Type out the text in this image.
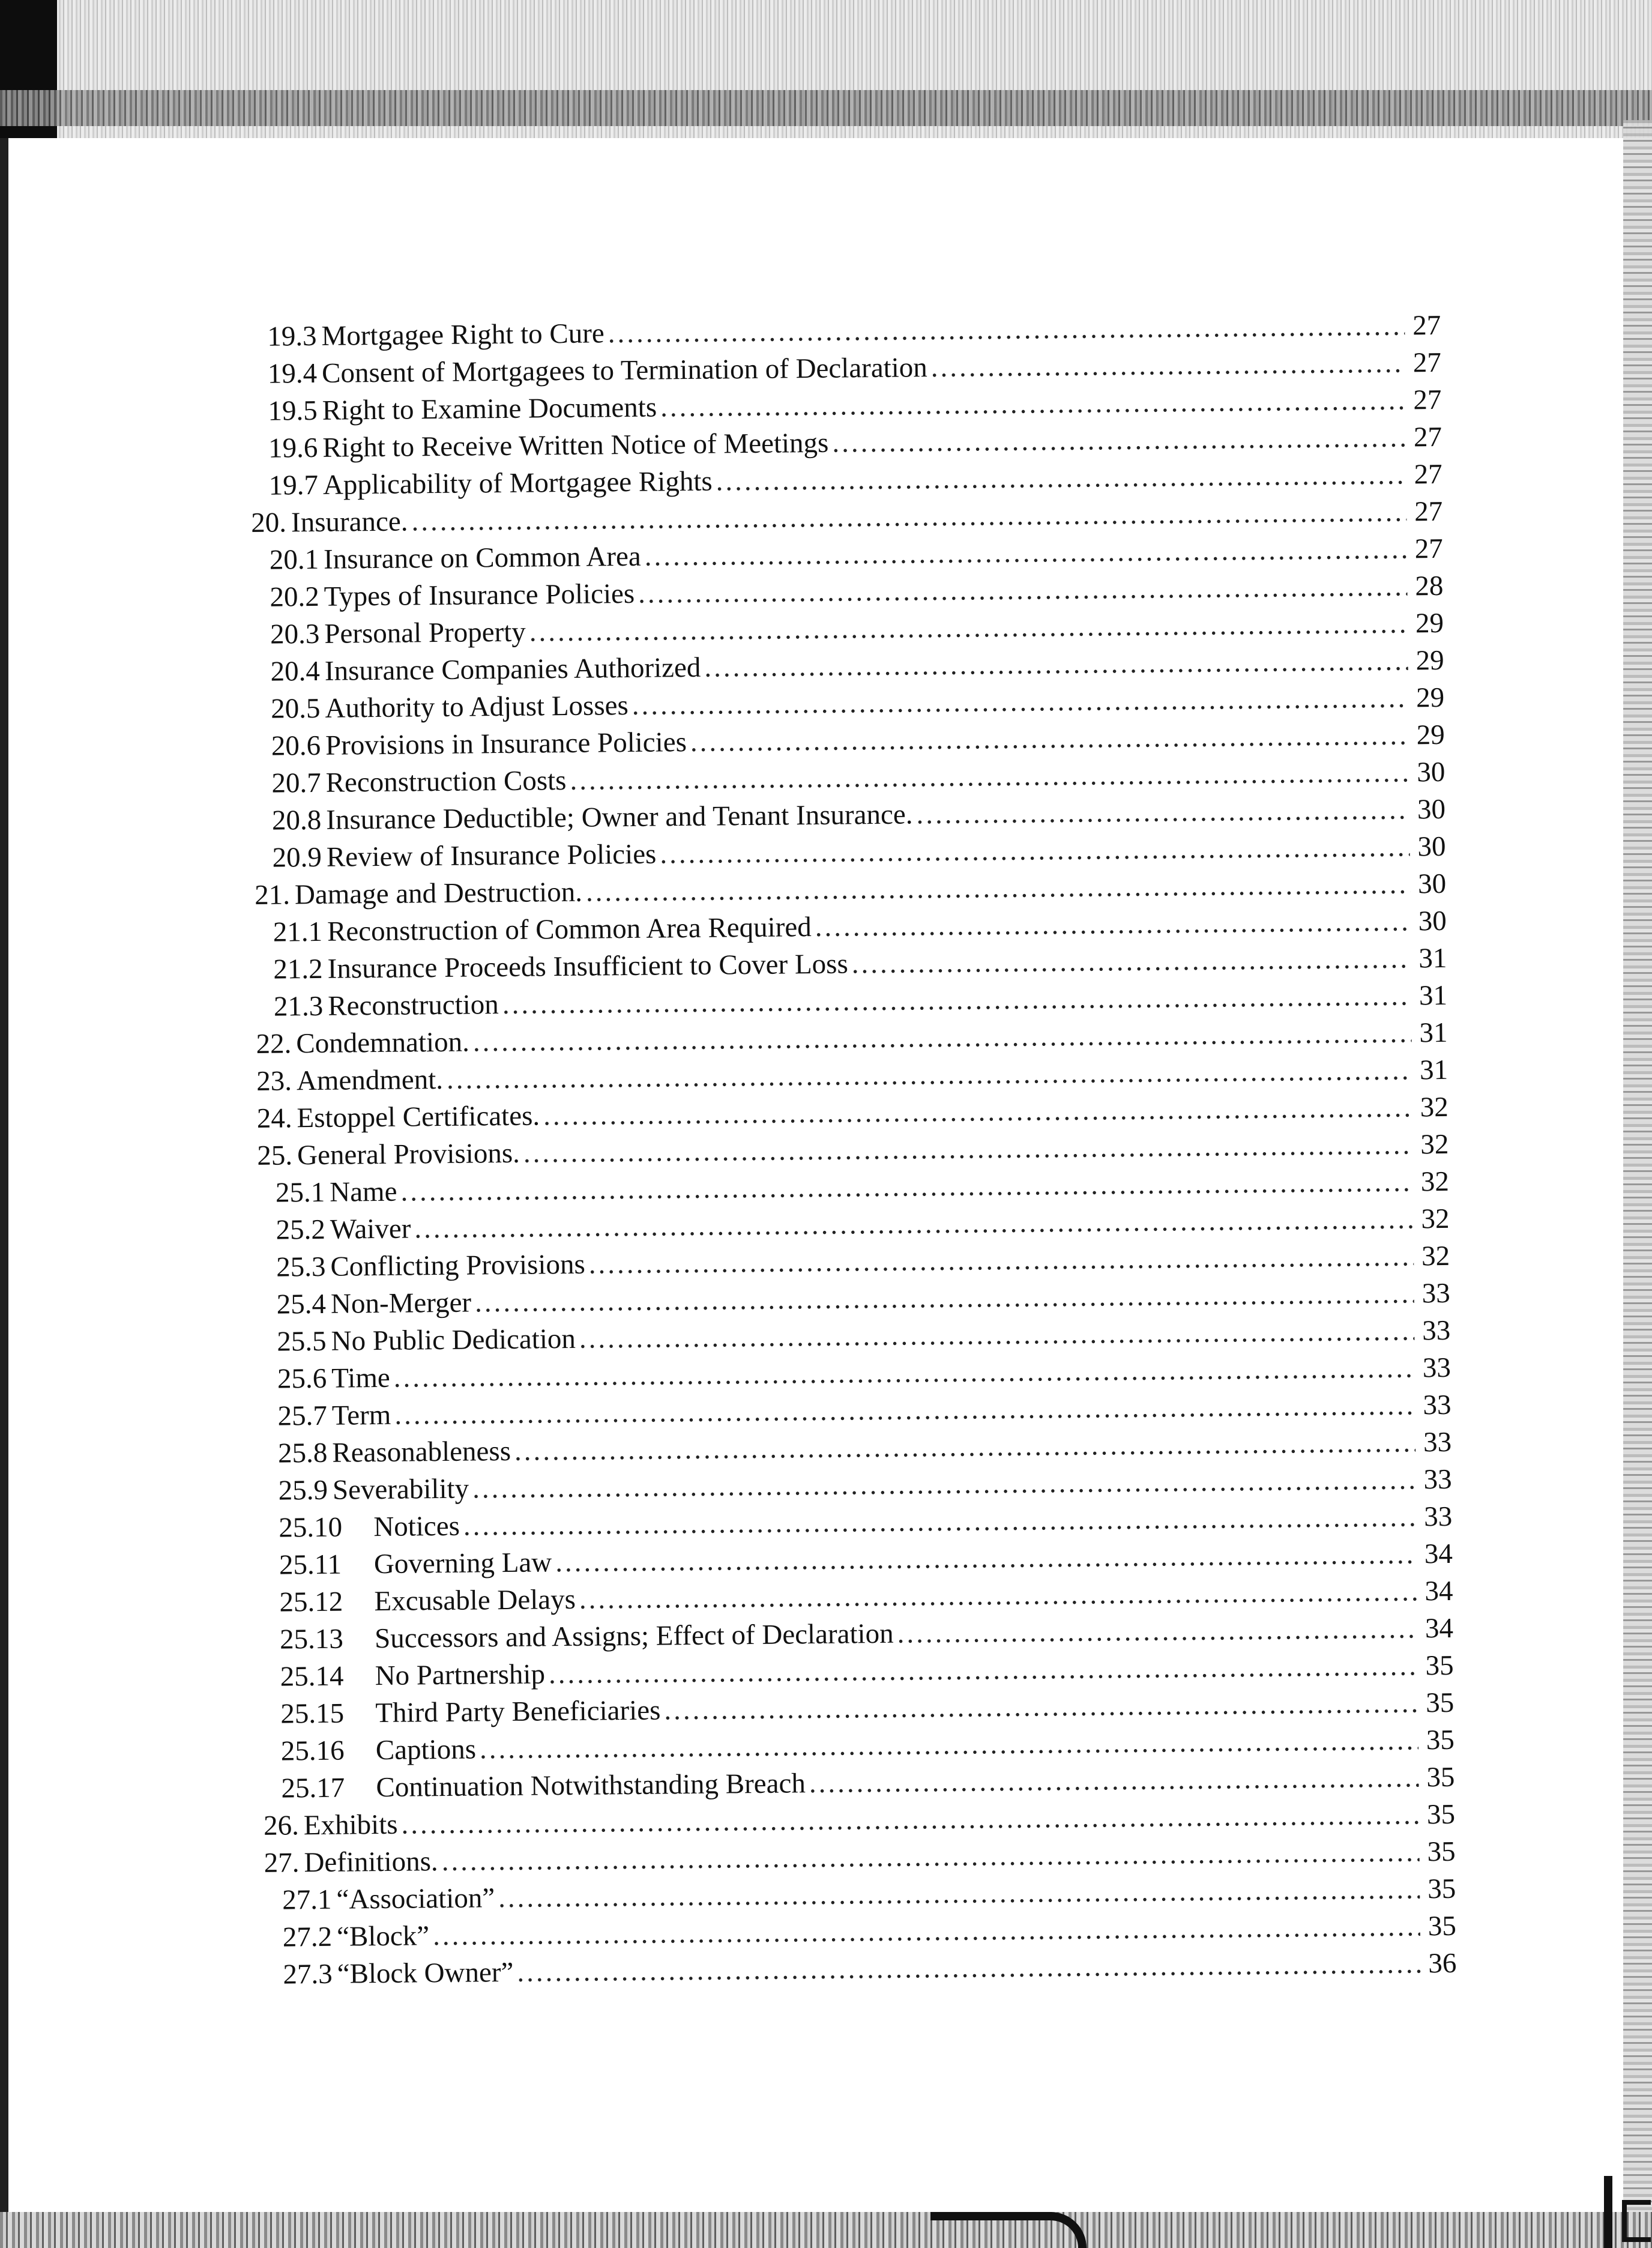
19.3 Mortgagee Right to Cure .....	27
19.4 Consent of Mortgagees to Termination of Declaration .....	27
19.5 Right to Examine Documents .....	27
19.6 Right to Receive Written Notice of Meetings .....	27
19.7 Applicability of Mortgagee Rights .....	27
20. Insurance. .....	27
20.1 Insurance on Common Area .....	27
20.2 Types of Insurance Policies .....	28
20.3 Personal Property .....	29
20.4 Insurance Companies Authorized .....	29
20.5 Authority to Adjust Losses .....	29
20.6 Provisions in Insurance Policies .....	29
20.7 Reconstruction Costs .....	30
20.8 Insurance Deductible; Owner and Tenant Insurance. .....	30
20.9 Review of Insurance Policies .....	30
21. Damage and Destruction. .....	30
21.1 Reconstruction of Common Area Required .....	30
21.2 Insurance Proceeds Insufficient to Cover Loss .....	31
21.3 Reconstruction .....	31
22. Condemnation. .....	31
23. Amendment. .....	31
24. Estoppel Certificates. .....	32
25. General Provisions. .....	32
25.1 Name .....	32
25.2 Waiver .....	32
25.3 Conflicting Provisions .....	32
25.4 Non-Merger .....	33
25.5 No Public Dedication .....	33
25.6 Time .....	33
25.7 Term .....	33
25.8 Reasonableness .....	33
25.9 Severability .....	33
25.10	Notices .....	33
25.11	Governing Law .....	34
25.12	Excusable Delays .....	34
25.13	Successors and Assigns; Effect of Declaration .....	34
25.14	No Partnership .....	35
25.15	Third Party Beneficiaries .....	35
25.16	Captions .....	35
25.17	Continuation Notwithstanding Breach .....	35
26. Exhibits .....	35
27. Definitions. .....	35
27.1 “Association” .....	35
27.2 “Block” .....	35
27.3 “Block Owner” .....	36
